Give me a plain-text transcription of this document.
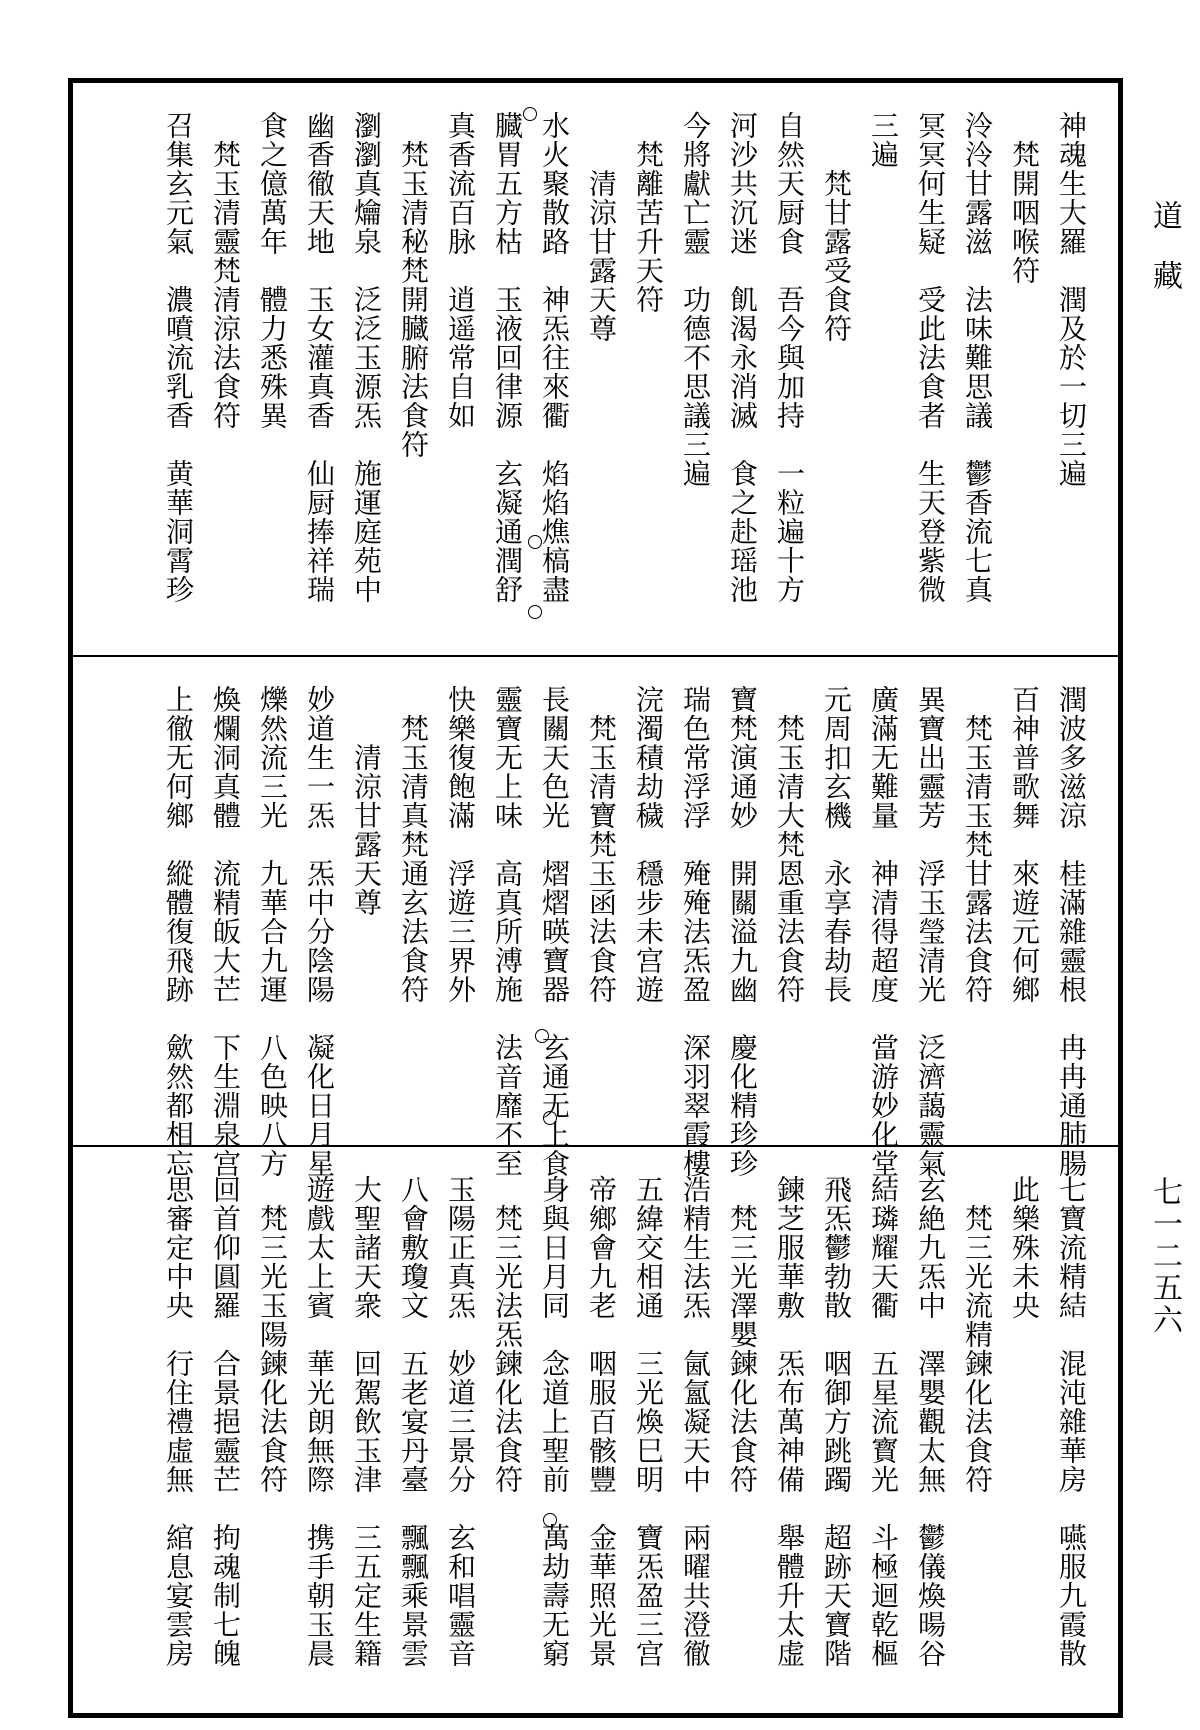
神魂生大羅　潤及於一切三遍
　梵開咽喉符
泠泠甘露滋　法味難思議　鬱香流七真
冥冥何生疑　受此法食者　生天登紫微
三遍
　　梵甘露受食符
自然天厨食　吾今與加持　一粒遍十方
河沙共沉迷　飢渴永消滅　食之赴瑶池
今將獻亡靈　功德不思議三遍
　梵離苦升天符
　　清涼甘露天尊
水火聚散路　神炁往來衢　焰焰燋槁盡
臓胃五方枯　玉液回律源　玄凝通潤舒
真香流百脉　逍遥常自如
　梵玉清秘梵開臓腑法食符
瀏瀏真爚泉　泛泛玉源炁　施運庭苑中
幽香徹天地　玉女灌真香　仙厨捧祥瑞
食之億萬年　體力悉殊異
　梵玉清靈梵清涼法食符
召集玄元氣　濃噴流乳香　黄華洞霄珍
潤波多滋涼　桂滿雜靈根　冉冉通肺腸
百神普歌舞　來遊元何鄉
　梵玉清玉梵甘露法食符
異寶出靈芳　浮玉瑩清光　泛濟藹靈氣
廣滿无難量　神清得超度　當游妙化堂
元周扣玄機　永享春劫長
　梵玉清大梵恩重法食符
寶梵演通妙　開關溢九幽　慶化精珍珍
瑞色常浮浮　殗殗法炁盈　深羽翠霞樓
浣濁積劫穢　穩步未宫遊
　梵玉清寶梵玉函法食符
長關天色光　熠熠暎寶器　玄通无上食
靈寶无上味　高真所溥施　法音靡不至
快樂復飽滿　浮遊三界外
　梵玉清真梵通玄法食符
　　清涼甘露天尊
妙道生一炁　炁中分陰陽　凝化日月星
爍然流三光　九華合九運　八色映八方
煥爛洞真體　流精皈大芒　下生淵泉宫
上徹无何鄉　縱體復飛跡　歛然都相忘
七寶流精結　混沌雜華房　嚥服九霞散
此樂殊未央
　梵三光流精鍊化法食符
玄絶九炁中　澤嬰觀太無　鬱儀煥暘谷
結璘耀天衢　五星流寳光　斗極迴乾樞
飛炁鬱勃散　咽御方跳躅　超跡天寶階
鍊芝服華敷　炁布萬神備　舉體升太虚
　梵三光澤嬰鍊化法食符
浩精生法炁　氤氳凝天中　兩曜共澄徹
五緯交相通　三光煥巳明　寶炁盈三宫
帝鄉會九老　咽服百骸豐　金華照光景
身與日月同　念道上聖前　萬劫壽无窮
　梵三光法炁鍊化法食符
玉陽正真炁　妙道三景分　玄和唱靈音
八會敷瓊文　五老宴丹臺　飄飄乘景雲
大聖諸天衆　回駕飲玉津　三五定生籍
遊戲太上賓　華光朗無際　携手朝玉晨
　梵三光玉陽鍊化法食符
回首仰圓羅　合景挹靈芒　拘魂制七魄
思審定中央　行住禮虛無　綰息宴雲房
道　藏
七一二五六
